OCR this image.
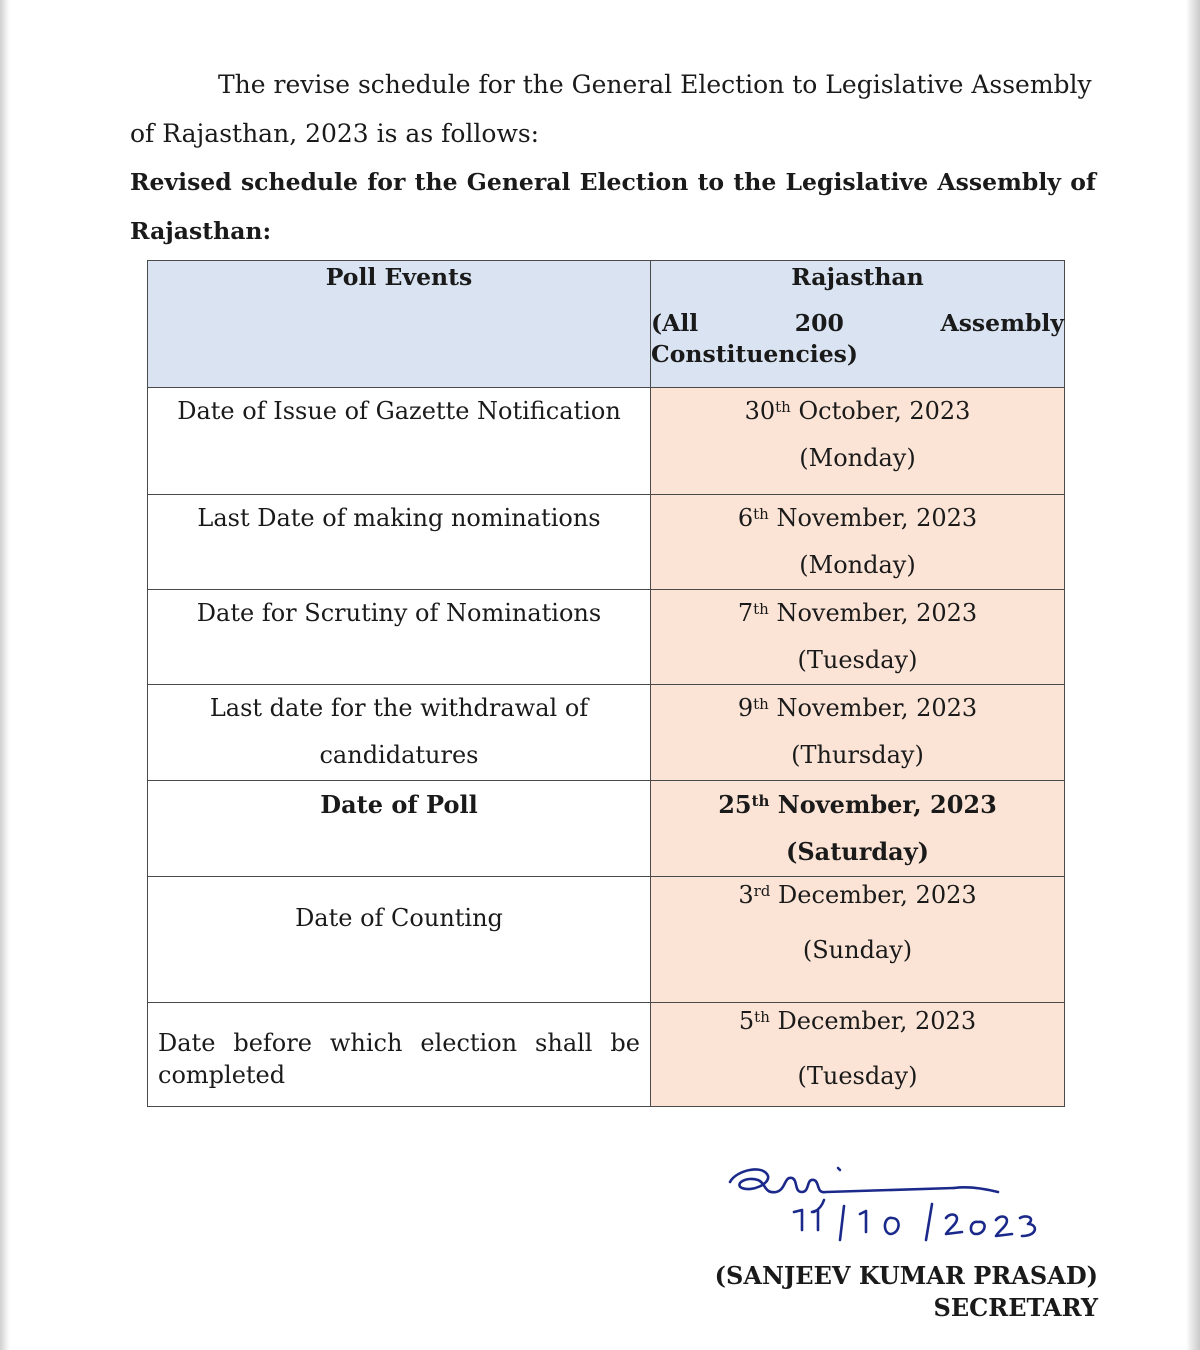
The revise schedule for the General Election to Legislative Assembly of Rajasthan, 2023 is as follows:

Revised schedule for the General Election to the Legislative Assembly of Rajasthan:

Poll Events	Rajasthan
(All 200 Assembly Constituencies)

Date of Issue of Gazette Notification	30th October, 2023
(Monday)

Last Date of making nominations	6th November, 2023
(Monday)

Date for Scrutiny of Nominations	7th November, 2023
(Tuesday)

Last date for the withdrawal of
candidatures	9th November, 2023
(Thursday)

Date of Poll	25th November, 2023
(Saturday)

Date of Counting	3rd December, 2023
(Sunday)

Date before which election shall be completed	5th December, 2023
(Tuesday)

(SANJEEV KUMAR PRASAD)
SECRETARY
